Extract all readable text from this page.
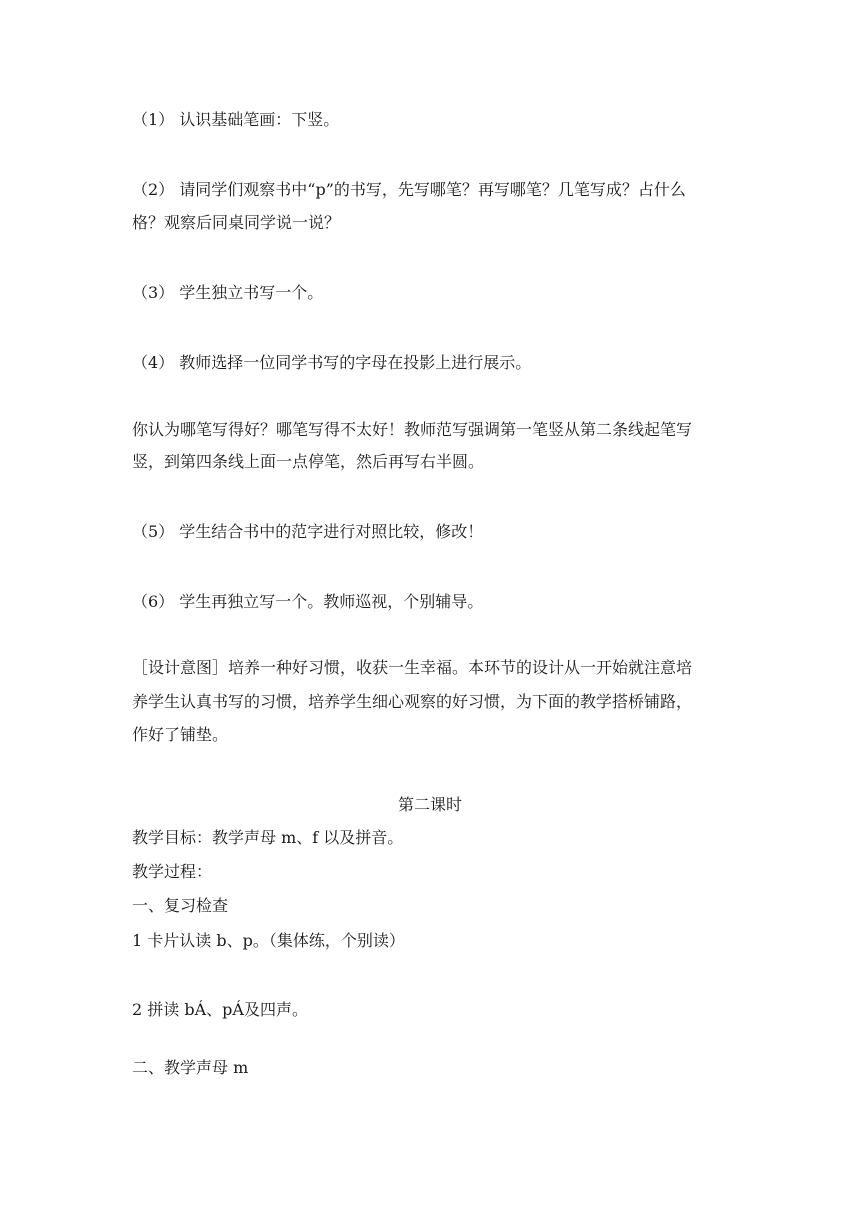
（1） 认识基础笔画：下竖。
（2） 请同学们观察书中“p”的书写，先写哪笔？再写哪笔？几笔写成？占什么
格？观察后同桌同学说一说？
（3） 学生独立书写一个。
（4） 教师选择一位同学书写的字母在投影上进行展示。
你认为哪笔写得好？哪笔写得不太好！教师范写强调第一笔竖从第二条线起笔写
竖，到第四条线上面一点停笔，然后再写右半圆。
（5） 学生结合书中的范字进行对照比较，修改！
（6） 学生再独立写一个。教师巡视，个别辅导。
［设计意图］培养一种好习惯，收获一生幸福。本环节的设计从一开始就注意培
养学生认真书写的习惯，培养学生细心观察的好习惯，为下面的教学搭桥铺路，
作好了铺垫。
第二课时
教学目标：教学声母 m、f 以及拼音。
教学过程：
一、复习检查
1 卡片认读 b、p。（集体练，个别读）
2 拼读 bÁ、pÁ及四声。
二、教学声母 m
